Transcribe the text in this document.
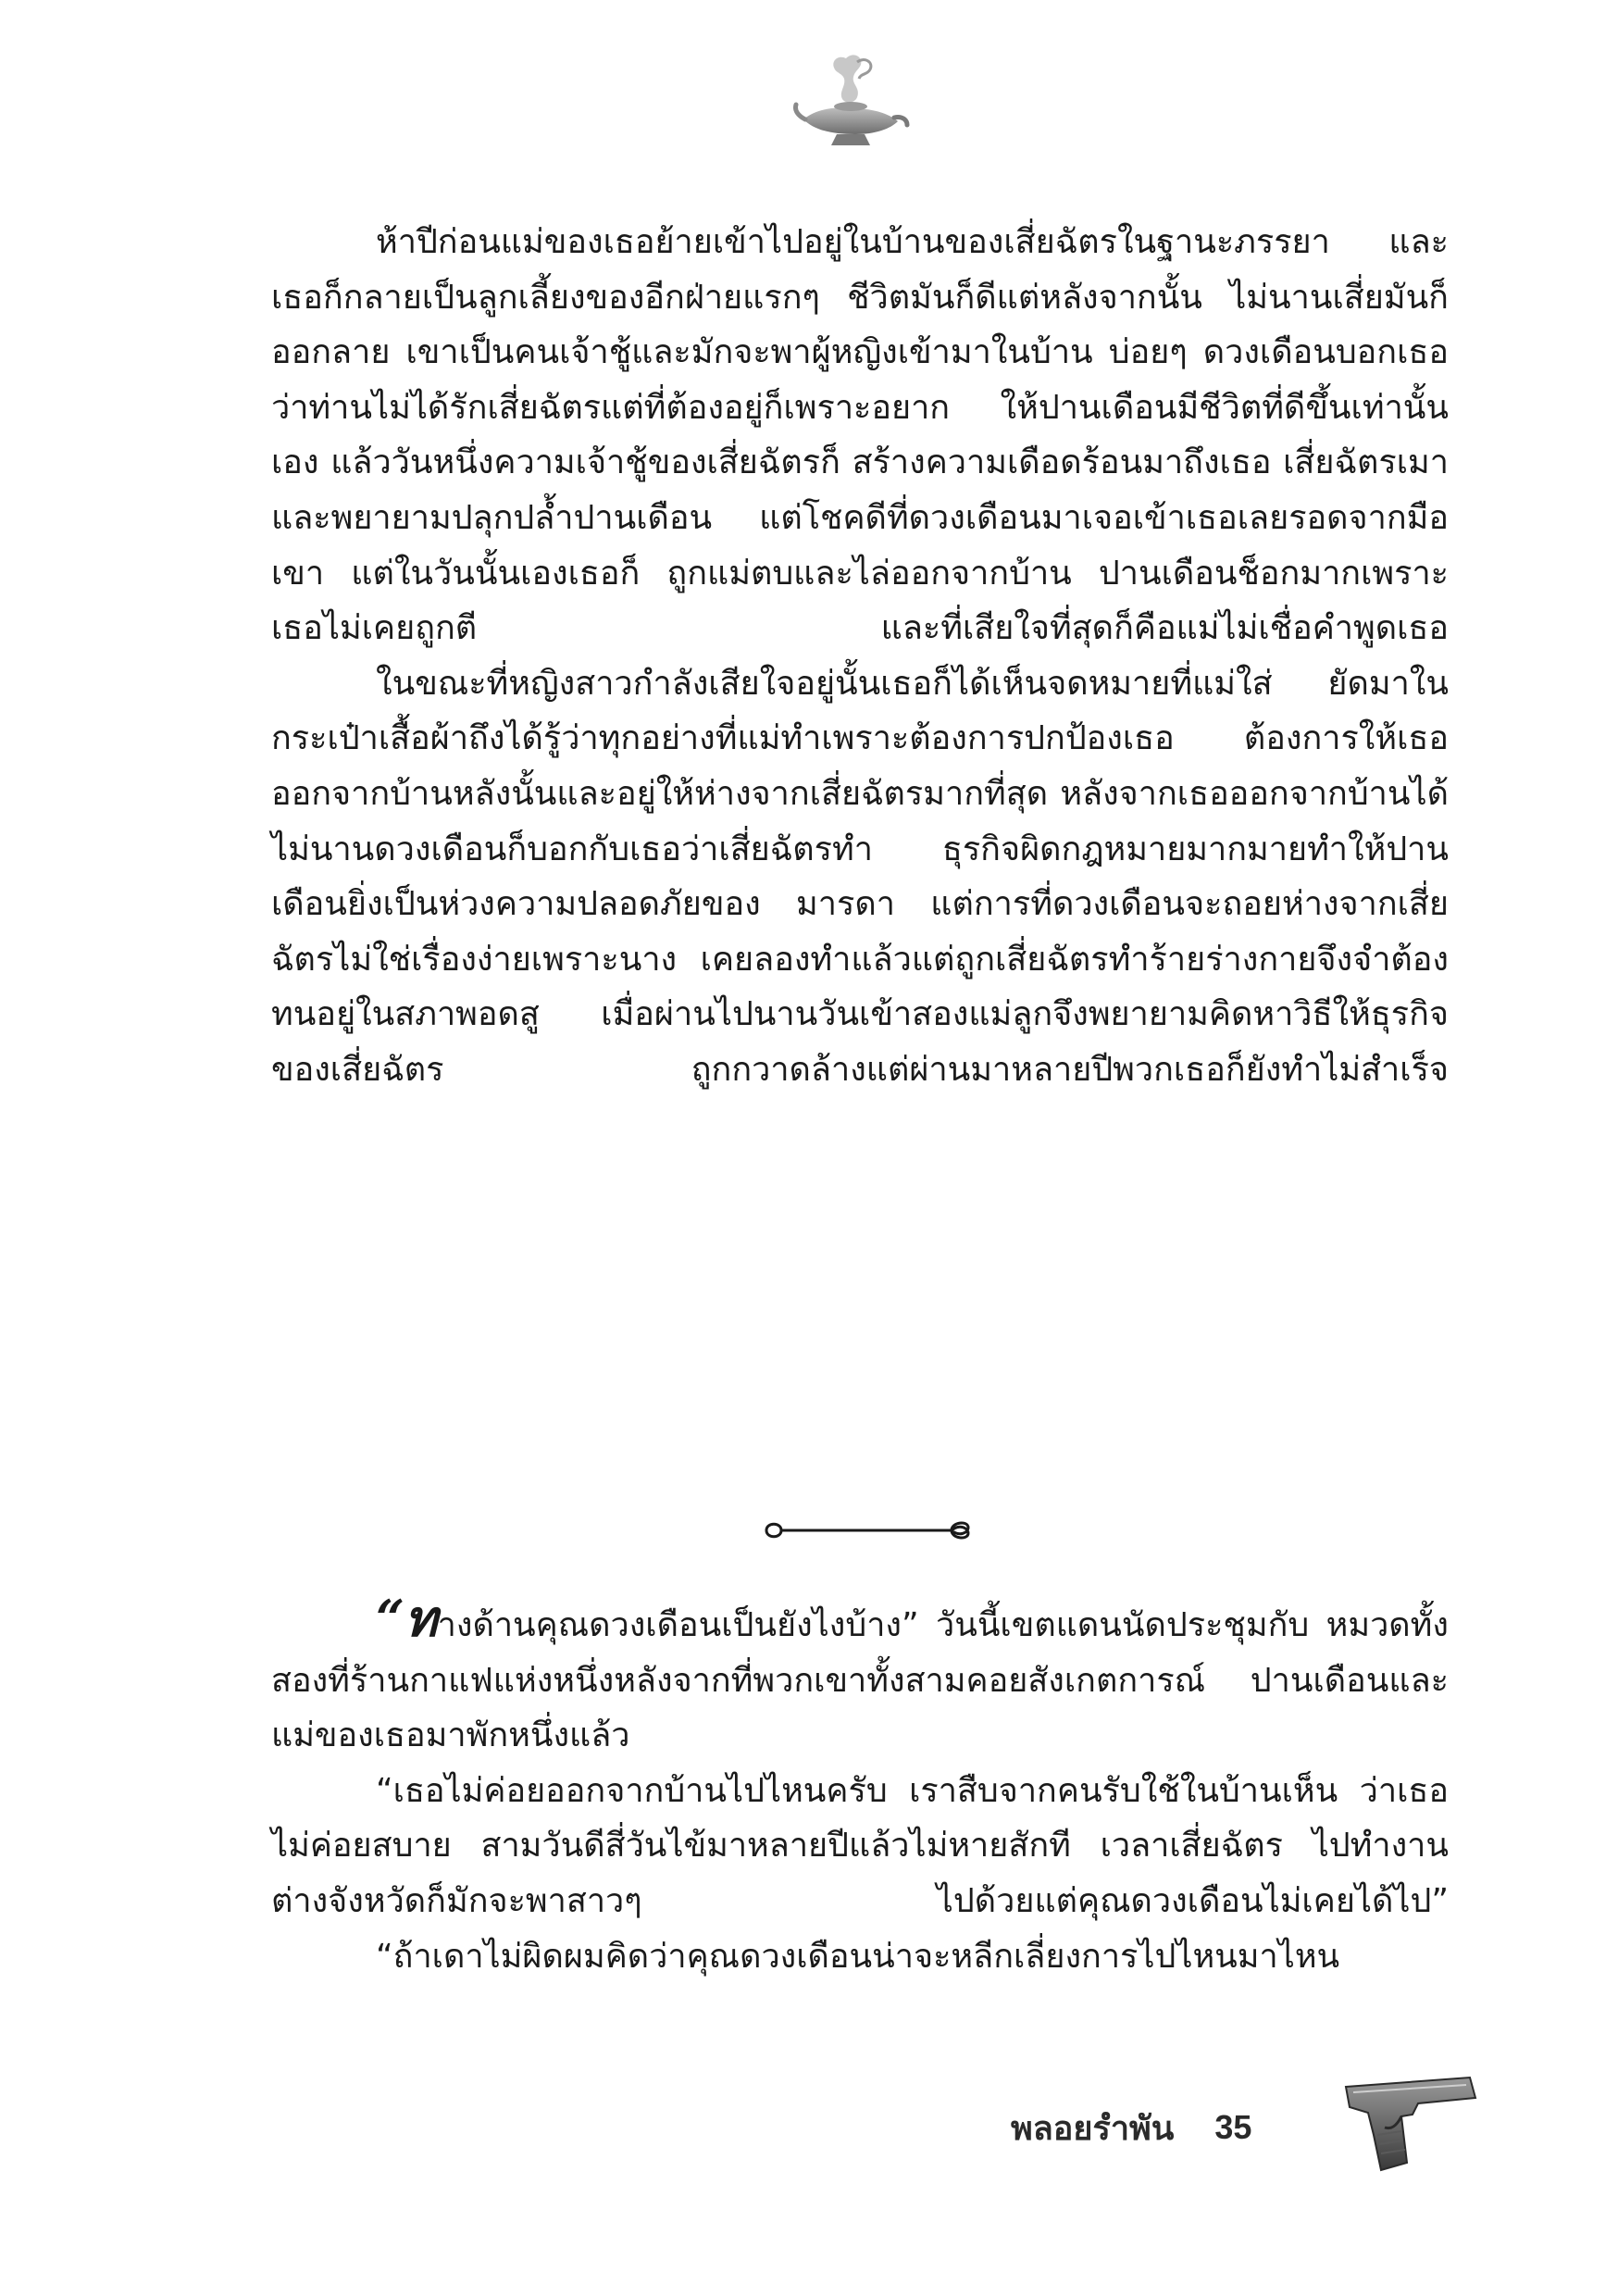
ห้าปีก่อนแม่ของเธอย้ายเข้าไปอยู่ในบ้านของเสี่ยฉัตรในฐานะภรรยา และเธอก็กลายเป็นลูกเลี้ยงของอีกฝ่ายแรกๆ ชีวิตมันก็ดีแต่หลังจากนั้น ไม่นานเสี่ยมันก็ออกลาย เขาเป็นคนเจ้าชู้และมักจะพาผู้หญิงเข้ามาในบ้าน บ่อยๆ ดวงเดือนบอกเธอว่าท่านไม่ได้รักเสี่ยฉัตรแต่ที่ต้องอยู่ก็เพราะอยาก ให้ปานเดือนมีชีวิตที่ดีขึ้นเท่านั้นเอง แล้ววันหนึ่งความเจ้าชู้ของเสี่ยฉัตรก็ สร้างความเดือดร้อนมาถึงเธอ เสี่ยฉัตรเมาและพยายามปลุกปล้ำปานเดือน แต่โชคดีที่ดวงเดือนมาเจอเข้าเธอเลยรอดจากมือเขา แต่ในวันนั้นเองเธอก็ ถูกแม่ตบและไล่ออกจากบ้าน ปานเดือนช็อกมากเพราะเธอไม่เคยถูกตี	และที่เสียใจที่สุดก็คือแม่ไม่เชื่อคำพูดเธอ

ในขณะที่หญิงสาวกำลังเสียใจอยู่นั้นเธอก็ได้เห็นจดหมายที่แม่ใส่ ยัดมาในกระเป๋าเสื้อผ้าถึงได้รู้ว่าทุกอย่างที่แม่ทำเพราะต้องการปกป้องเธอ ต้องการให้เธอออกจากบ้านหลังนั้นและอยู่ให้ห่างจากเสี่ยฉัตรมากที่สุด หลังจากเธอออกจากบ้านได้ไม่นานดวงเดือนก็บอกกับเธอว่าเสี่ยฉัตรทำ ธุรกิจผิดกฎหมายมากมายทำให้ปานเดือนยิ่งเป็นห่วงความปลอดภัยของ มารดา แต่การที่ดวงเดือนจะถอยห่างจากเสี่ยฉัตรไม่ใช่เรื่องง่ายเพราะนาง เคยลองทำแล้วแต่ถูกเสี่ยฉัตรทำร้ายร่างกายจึงจำต้องทนอยู่ในสภาพอดสู เมื่อผ่านไปนานวันเข้าสองแม่ลูกจึงพยายามคิดหาวิธีให้ธุรกิจของเสี่ยฉัตร	ถูกกวาดล้างแต่ผ่านมาหลายปีพวกเธอก็ยังทำไม่สำเร็จ

“ทางด้านคุณดวงเดือนเป็นยังไงบ้าง” วันนี้เขตแดนนัดประชุมกับ หมวดทั้งสองที่ร้านกาแฟแห่งหนึ่งหลังจากที่พวกเขาทั้งสามคอยสังเกตการณ์ ปานเดือนและแม่ของเธอมาพักหนึ่งแล้ว

“เธอไม่ค่อยออกจากบ้านไปไหนครับ เราสืบจากคนรับใช้ในบ้านเห็น ว่าเธอไม่ค่อยสบาย สามวันดีสี่วันไข้มาหลายปีแล้วไม่หายสักที เวลาเสี่ยฉัตร ไปทำงานต่างจังหวัดก็มักจะพาสาวๆ ไปด้วยแต่คุณดวงเดือนไม่เคยได้ไป”

“ถ้าเดาไม่ผิดผมคิดว่าคุณดวงเดือนน่าจะหลีกเลี่ยงการไปไหนมาไหน

พลอยรำพัน 35
